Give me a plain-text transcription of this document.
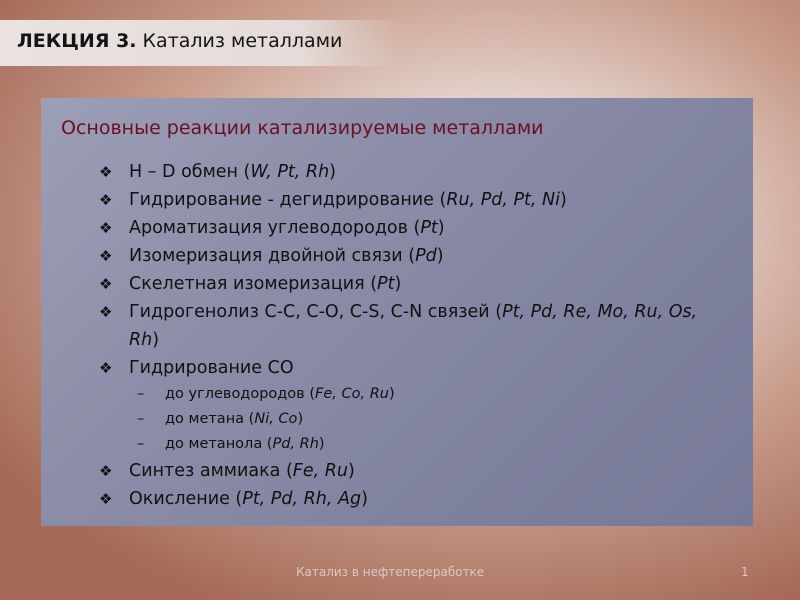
ЛЕКЦИЯ 3. Катализ металлами
Основные реакции катализируемые металлами
❖ H – D обмен (W, Pt, Rh)
❖ Гидрирование - дегидрирование (Ru, Pd, Pt, Ni)
❖ Ароматизация углеводородов (Pt)
❖ Изомеризация двойной связи (Pd)
❖ Скелетная изомеризация (Pt)
❖ Гидрогенолиз С-С, С-О, С-S, С-N связей (Pt, Pd, Re, Mo, Ru, Os, Rh)
❖ Гидрирование СО
– до углеводородов (Fe, Co, Ru)
– до метана (Ni, Co)
– до метанола (Pd, Rh)
❖ Синтез аммиака (Fe, Ru)
❖ Окисление (Pt, Pd, Rh, Ag)
Катализ в нефтепереработке	1
